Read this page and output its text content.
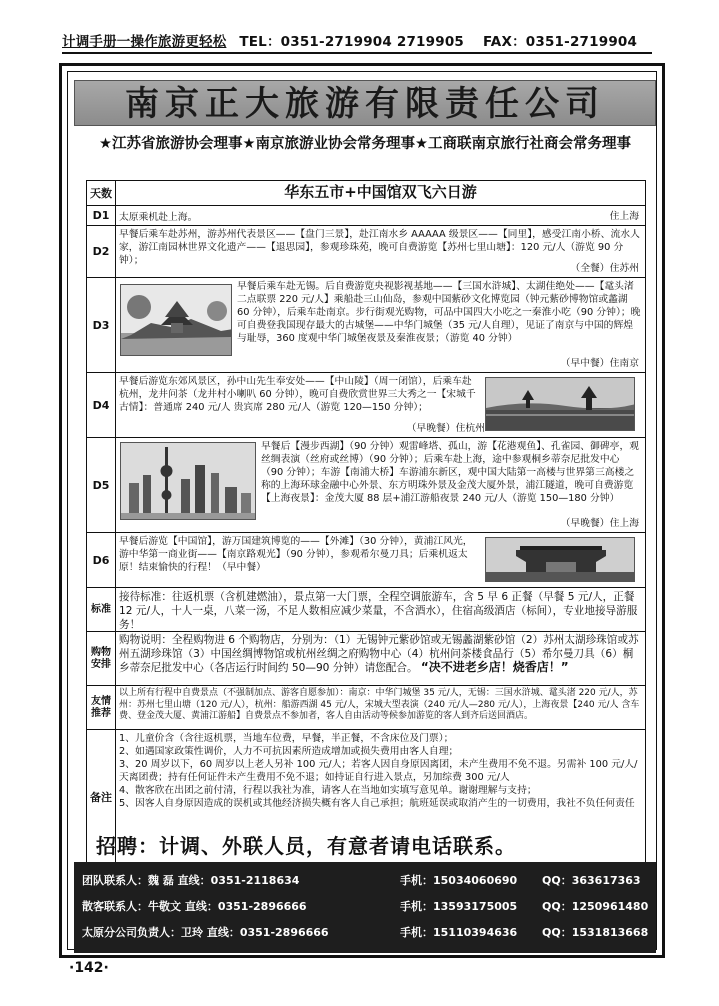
计调手册一操作旅游更轻松 TEL：0351-2719904 2719905 FAX：0351-2719904
南京正大旅游有限责任公司
★江苏省旅游协会理事★南京旅游业协会常务理事★工商联南京旅行社商会常务理事
天数	华东五市+中国馆双飞六日游
D1 太原乘机赴上海。	住上海
D2
早餐后乘车赴苏州，游苏州代表景区——【盘门三景】，赴江南水乡 AAAAA 级景区——【同里】，感受江南小桥、流水人家，游江南园林世界文化遗产——【退思园】，参观珍珠苑，晚可自费游览【苏州七里山塘】：120 元/人（游览 90 分钟）；
（全餐）住苏州
D3
早餐后乘车赴无锡。后自费游览央视影视基地——【三国水浒城】、太湖佳绝处——【鼋头渚 二点联票 220 元/人】乘船赴三山仙岛，参观中国紫砂文化博览园（钟元紫砂博物馆或蠡湖 60 分钟），后乘车赴南京。步行街观光购物，可品中国四大小吃之一秦淮小吃（90 分钟）；晚可自费登我国现存最大的古城堡——中华门城堡（35 元/人自理），见证了南京与中国的辉煌与耻辱，360 度观中华门城堡夜景及秦淮夜景；（游览 40 分钟）
（早中餐）住南京
D4
早餐后游览东郊风景区，孙中山先生奉安处——【中山陵】（周一闭馆），后乘车赴杭州，龙井问茶（龙井村小喇叭 60 分钟），晚可自费欣赏世界三大秀之一【宋城千古情】：普通席 240 元/人 贵宾席 280 元/人（游览 120—150 分钟）；
（早晚餐）住杭州
D5
早餐后【漫步西湖】（90 分钟）观雷峰塔、孤山，游【花港观鱼】、孔雀园、御碑亭，观丝绸表演（丝府或丝博）（90 分钟）；后乘车赴上海，途中参观桐乡蒂奈尼批发中心（90 分钟）；车游【南浦大桥】车游浦东新区，观中国大陆第一高楼与世界第三高楼之称的上海环球金融中心外景、东方明珠外景及金茂大厦外景，浦江隧道，晚可自费游览【上海夜景】：金茂大厦 88 层+浦江游船夜景 240 元/人（游览 150—180 分钟）
（早晚餐）住上海
D6
早餐后游览【中国馆】，游万国建筑博览的——【外滩】（30 分钟），黄浦江风光，游中华第一商业街——【南京路观光】（90 分钟），参观希尔曼刀具；后乘机返太原！结束愉快的行程！（早中餐）
标准
接待标准：往返机票（含机建燃油），景点第一大门票，全程空调旅游车，含 5 早 6 正餐（早餐 5 元/人，正餐 12 元/人，十人一桌，八菜一汤，不足人数相应减少菜量，不含酒水），住宿高级酒店（标间），专业地接导游服务！
购物安排
购物说明：全程购物进 6 个购物店，分别为：（1）无锡钟元紫砂馆或无锡蠡湖紫砂馆（2）苏州太湖珍珠馆或苏州五湖珍珠馆（3）中国丝绸博物馆或杭州丝绸之府购物中心（4）杭州问茶楼食品行（5）希尔曼刀具（6）桐乡蒂奈尼批发中心（各店运行时间约 50—90 分钟）请您配合。 “决不进老乡店！烧香店！”
友情推荐
以上所有行程中自费景点（不强制加点、游客自愿参加）：南京：中华门城堡 35 元/人，无锡：三国水浒城、鼋头渚 220 元/人，苏州：苏州七里山塘（120 元/人），杭州：船游西湖 45 元/人，宋城大型表演（240 元/人—280 元/人），上海夜景【240 元/人 含车费、登金茂大厦、黄浦江游船】自费景点不参加者，客人自由活动等候参加游览的客人到齐后送回酒店。
备注
1、儿童价含（含往返机票，当地车位费，早餐，半正餐，不含床位及门票）；
2、如遇国家政策性调价，人力不可抗因素所造成增加或损失费用由客人自理；
3、20 周岁以下，60 周岁以上老人另补 100 元/人；若客人因自身原因离团，未产生费用不免不退。另需补 100 元/人/ 天离团费；持有任何证件未产生费用不免不退；如持证自行进入景点，另加综费 300 元/人
4、散客欣在出团之前付清，行程以我社为准，请客人在当地如实填写意见单。谢谢理解与支持；
5、因客人自身原因造成的误机或其他经济损失概有客人自己承担；航班延误或取消产生的一切费用，我社不负任何责任
招聘：计调、外联人员，有意者请电话联系。
团队联系人：魏 磊 直线：0351-2118634	手机：15034060690 QQ：363617363
散客联系人：牛敬文 直线：0351-2896666	手机：13593175005 QQ：1250961480
太原分公司负责人：卫玲 直线：0351-2896666	手机：15110394636 QQ：1531813668
·142·
